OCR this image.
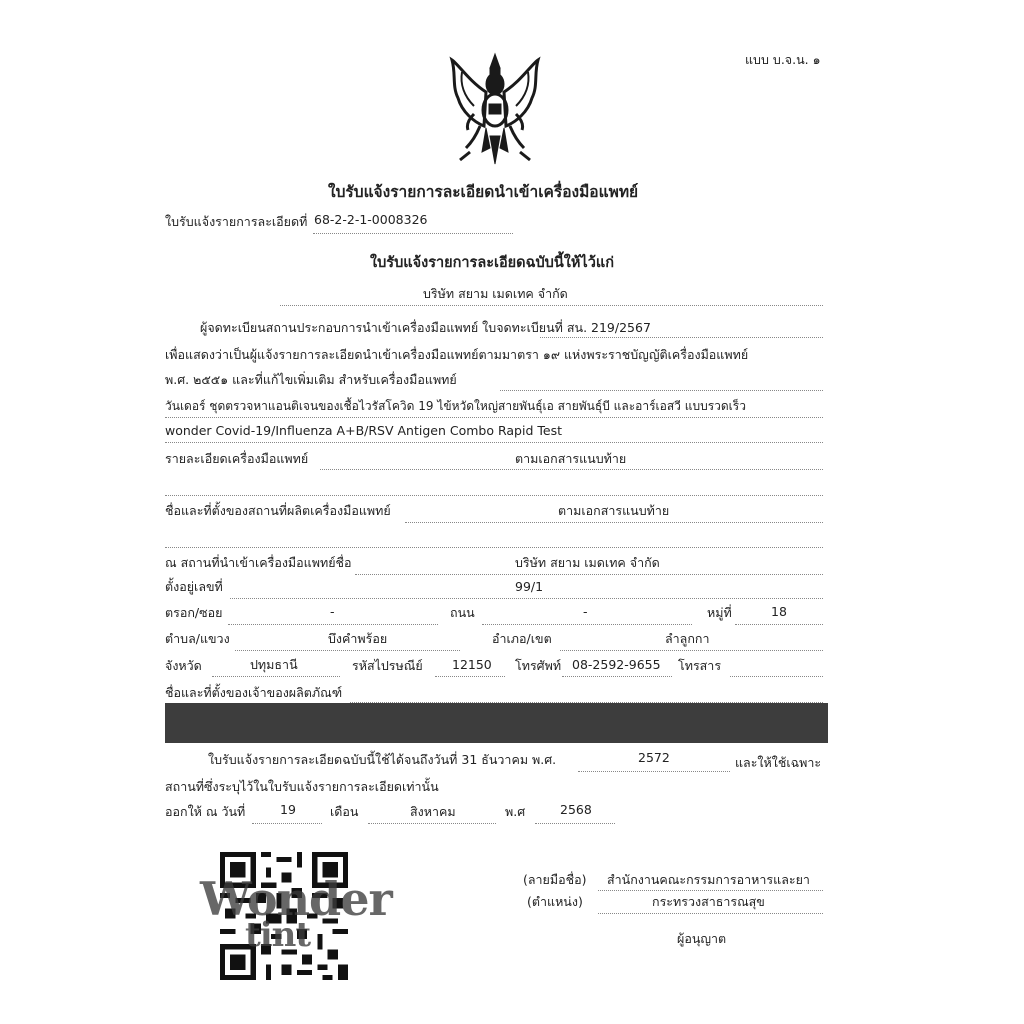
แบบ บ.จ.น. ๑
ใบรับแจ้งรายการละเอียดนำเข้าเครื่องมือแพทย์
ใบรับแจ้งรายการละเอียดที่ 68-2-2-1-0008326
ใบรับแจ้งรายการละเอียดฉบับนี้ให้ไว้แก่
บริษัท สยาม เมดเทค จำกัด
ผู้จดทะเบียนสถานประกอบการนำเข้าเครื่องมือแพทย์ ใบจดทะเบียนที่ สน. 219/2567
เพื่อแสดงว่าเป็นผู้แจ้งรายการละเอียดนำเข้าเครื่องมือแพทย์ตามมาตรา ๑๙ แห่งพระราชบัญญัติเครื่องมือแพทย์
พ.ศ. ๒๕๕๑ และที่แก้ไขเพิ่มเติม สำหรับเครื่องมือแพทย์
วันเดอร์ ชุดตรวจหาแอนติเจนของเชื้อไวรัสโควิด 19 ไข้หวัดใหญ่สายพันธุ์เอ สายพันธุ์บี และอาร์เอสวี แบบรวดเร็ว
wonder Covid-19/Influenza A+B/RSV Antigen Combo Rapid Test
รายละเอียดเครื่องมือแพทย์	ตามเอกสารแนบท้าย
ชื่อและที่ตั้งของสถานที่ผลิตเครื่องมือแพทย์	ตามเอกสารแนบท้าย
ณ สถานที่นำเข้าเครื่องมือแพทย์ชื่อ	บริษัท สยาม เมดเทค จำกัด
ตั้งอยู่เลขที่	99/1
ตรอก/ซอย	-	ถนน	-	หมู่ที่	18
ตำบล/แขวง	บึงคำพร้อย	อำเภอ/เขต	ลำลูกกา
จังหวัด	ปทุมธานี	รหัสไปรษณีย์ 12150 โทรศัพท์ 08-2592-9655 โทรสาร
ชื่อและที่ตั้งของเจ้าของผลิตภัณฑ์
ใบรับแจ้งรายการละเอียดฉบับนี้ใช้ได้จนถึงวันที่ 31 ธันวาคม พ.ศ.	2572	และให้ใช้เฉพาะ
สถานที่ซึ่งระบุไว้ในใบรับแจ้งรายการละเอียดเท่านั้น
ออกให้ ณ วันที่	19	เดือน	สิงหาคม	พ.ศ	2568
Wonder
tint
(ลายมือชื่อ) สำนักงานคณะกรรมการอาหารและยา
(ตำแหน่ง)	กระทรวงสาธารณสุข
ผู้อนุญาต
